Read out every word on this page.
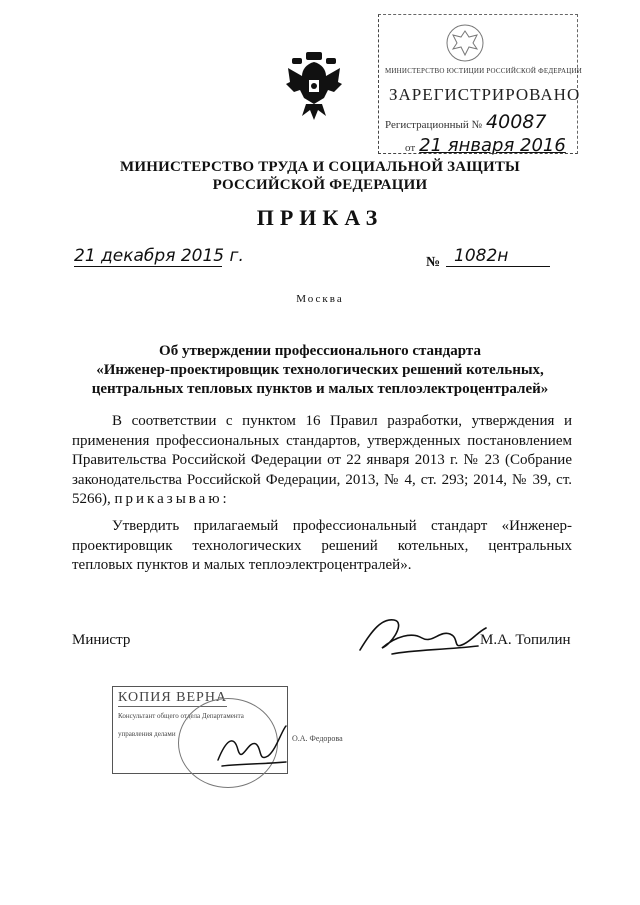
МИНИСТЕРСТВО ЮСТИЦИИ РОССИЙСКОЙ ФЕДЕРАЦИИ
ЗАРЕГИСТРИРОВАНО
Регистрационный № 40087
от 21 января 2016
МИНИСТЕРСТВО ТРУДА И СОЦИАЛЬНОЙ ЗАЩИТЫ
РОССИЙСКОЙ ФЕДЕРАЦИИ
ПРИКАЗ
21 декабря 2015 г.	№ 1082н
Москва
Об утверждении профессионального стандарта
«Инженер-проектировщик технологических решений котельных,
центральных тепловых пунктов и малых теплоэлектроцентралей»
В соответствии с пунктом 16 Правил разработки, утверждения и применения профессиональных стандартов, утвержденных постановлением Правительства Российской Федерации от 22 января 2013 г. № 23 (Собрание законодательства Российской Федерации, 2013, № 4, ст. 293; 2014, № 39, ст. 5266), приказываю:
Утвердить прилагаемый профессиональный стандарт «Инженер-проектировщик технологических решений котельных, центральных тепловых пунктов и малых теплоэлектроцентралей».
Министр	М.А. Топилин
КОПИЯ ВЕРНА
Консультант общего отдела Департамента
управления делами	О.А. Федорова
